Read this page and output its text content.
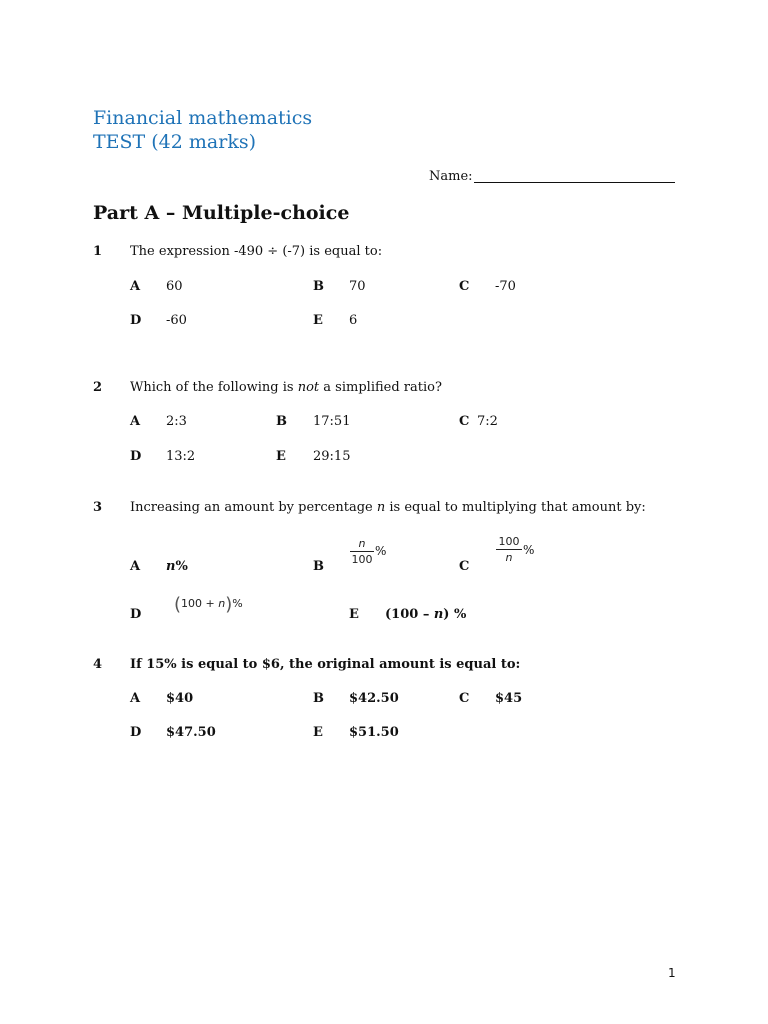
Financial mathematics
TEST (42 marks)
Name:
Part A – Multiple-choice
1 The expression -490 ÷ (-7) is equal to:
A 60	B 70	C -70
D -60	E 6
2 Which of the following is not a simplified ratio?
A 2:3	B 17:51	C 7:2
D 13:2	E 29:15
3 Increasing an amount by percentage n is equal to multiplying that amount by:
A n%	B
n
100
%
C
100
n
%
D (100 + n)%
E (100 – n) %
4 If 15% is equal to $6, the original amount is equal to:
A $40	B $42.50	C $45
D $47.50	E $51.50
1
